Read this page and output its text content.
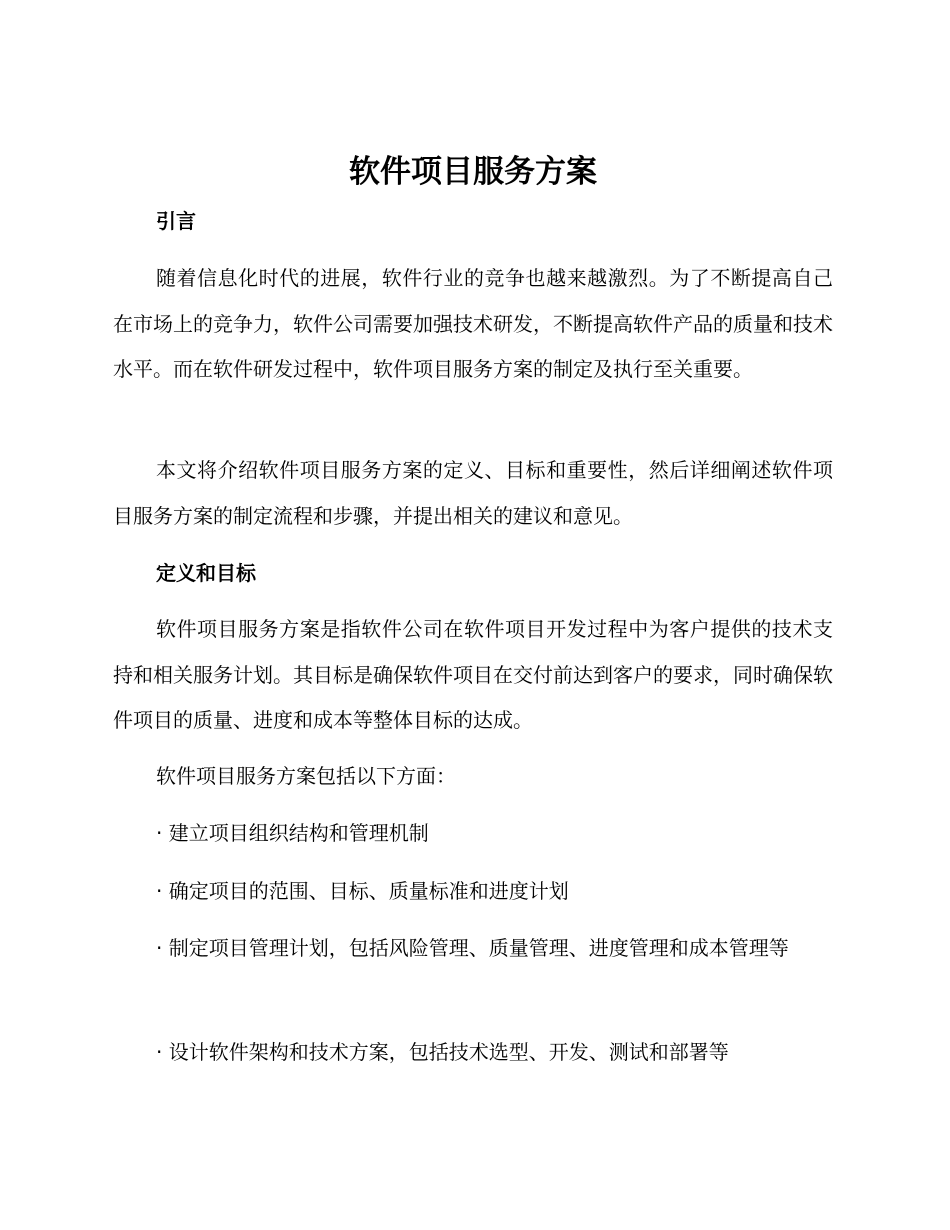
软件项目服务方案
引言

随着信息化时代的进展，软件行业的竞争也越来越激烈。为了不断提高自己在市场上的竞争力，软件公司需要加强技术研发，不断提高软件产品的质量和技术水平。而在软件研发过程中，软件项目服务方案的制定及执行至关重要。

本文将介绍软件项目服务方案的定义、目标和重要性，然后详细阐述软件项目服务方案的制定流程和步骤，并提出相关的建议和意见。

定义和目标

软件项目服务方案是指软件公司在软件项目开发过程中为客户提供的技术支持和相关服务计划。其目标是确保软件项目在交付前达到客户的要求，同时确保软件项目的质量、进度和成本等整体目标的达成。

软件项目服务方案包括以下方面：

· 建立项目组织结构和管理机制

· 确定项目的范围、目标、质量标准和进度计划

· 制定项目管理计划，包括风险管理、质量管理、进度管理和成本管理等

· 设计软件架构和技术方案，包括技术选型、开发、测试和部署等
